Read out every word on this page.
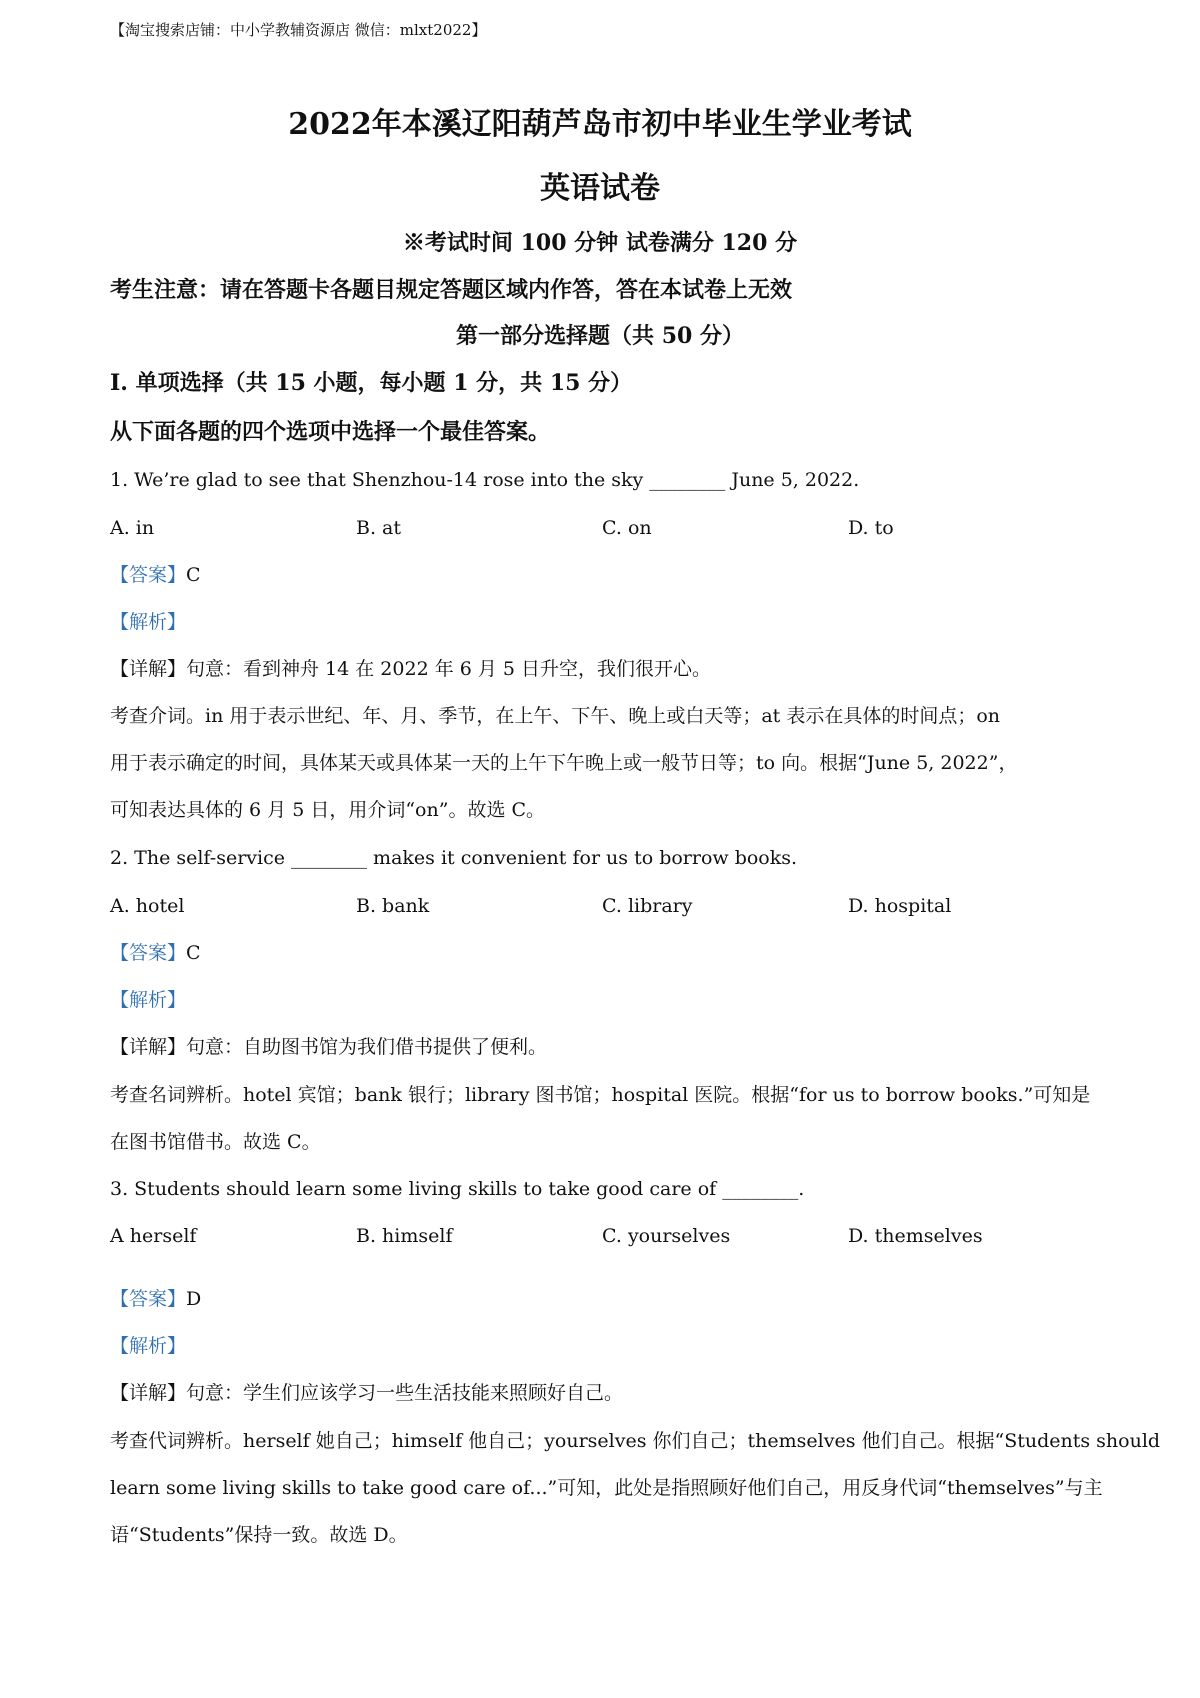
【淘宝搜索店铺：中小学教辅资源店 微信：mlxt2022】
2022年本溪辽阳葫芦岛市初中毕业生学业考试
英语试卷
※考试时间 100 分钟 试卷满分 120 分
考生注意：请在答题卡各题目规定答题区域内作答，答在本试卷上无效
第一部分选择题（共 50 分）
I. 单项选择（共 15 小题，每小题 1 分，共 15 分）
从下面各题的四个选项中选择一个最佳答案。
1. We’re glad to see that Shenzhou-14 rose into the sky ________ June 5, 2022.
A. in	B. at	C. on	D. to
【答案】C
【解析】
【详解】句意：看到神舟 14 在 2022 年 6 月 5 日升空，我们很开心。
考查介词。in 用于表示世纪、年、月、季节，在上午、下午、晚上或白天等；at 表示在具体的时间点；on
用于表示确定的时间，具体某天或具体某一天的上午下午晚上或一般节日等；to 向。根据“June 5, 2022”，
可知表达具体的 6 月 5 日，用介词“on”。故选 C。
2. The self-service ________ makes it convenient for us to borrow books.
A. hotel	B. bank	C. library	D. hospital
【答案】C
【解析】
【详解】句意：自助图书馆为我们借书提供了便利。
考查名词辨析。hotel 宾馆；bank 银行；library 图书馆；hospital 医院。根据“for us to borrow books.”可知是
在图书馆借书。故选 C。
3. Students should learn some living skills to take good care of ________.
A herself	B. himself	C. yourselves	D. themselves
【答案】D
【解析】
【详解】句意：学生们应该学习一些生活技能来照顾好自己。
考查代词辨析。herself 她自己；himself 他自己；yourselves 你们自己；themselves 他们自己。根据“Students should
learn some living skills to take good care of...”可知，此处是指照顾好他们自己，用反身代词“themselves”与主
语“Students”保持一致。故选 D。
